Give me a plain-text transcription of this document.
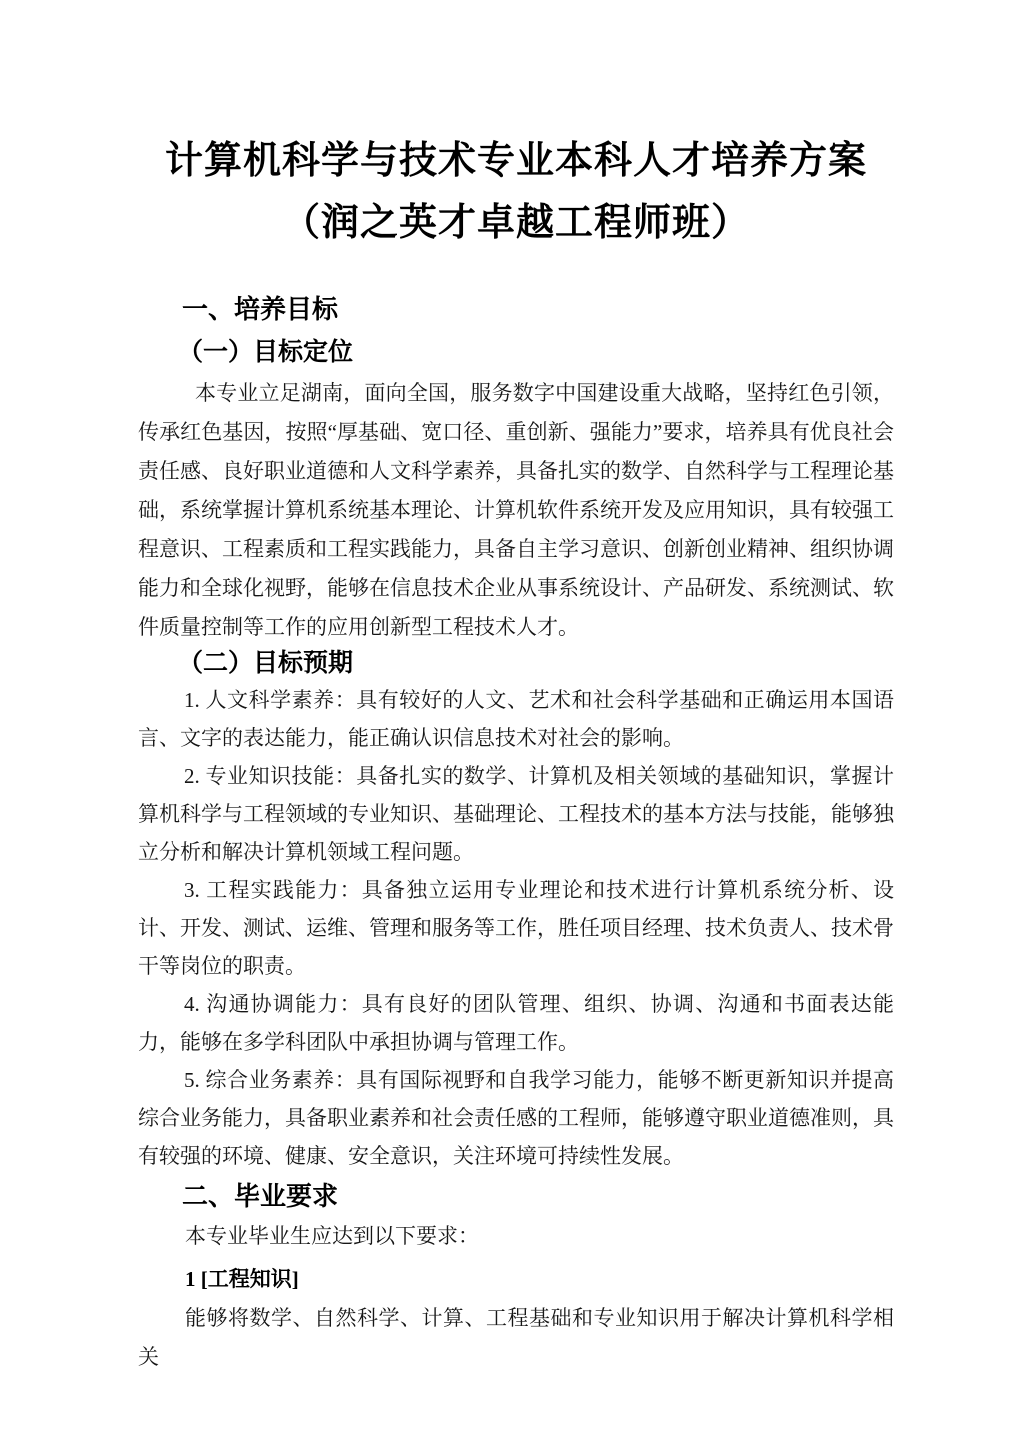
计算机科学与技术专业本科人才培养方案
（润之英才卓越工程师班）
一、培养目标
（一）目标定位

本专业立足湖南，面向全国，服务数字中国建设重大战略，坚持红色引领，传承红色基因，按照“厚基础、宽口径、重创新、强能力”要求，培养具有优良社会责任感、良好职业道德和人文科学素养，具备扎实的数学、自然科学与工程理论基础，系统掌握计算机系统基本理论、计算机软件系统开发及应用知识，具有较强工程意识、工程素质和工程实践能力，具备自主学习意识、创新创业精神、组织协调能力和全球化视野，能够在信息技术企业从事系统设计、产品研发、系统测试、软件质量控制等工作的应用创新型工程技术人才。

（二）目标预期

1. 人文科学素养：具有较好的人文、艺术和社会科学基础和正确运用本国语言、文字的表达能力，能正确认识信息技术对社会的影响。

2. 专业知识技能：具备扎实的数学、计算机及相关领域的基础知识，掌握计算机科学与工程领域的专业知识、基础理论、工程技术的基本方法与技能，能够独立分析和解决计算机领域工程问题。

3. 工程实践能力：具备独立运用专业理论和技术进行计算机系统分析、设计、开发、测试、运维、管理和服务等工作，胜任项目经理、技术负责人、技术骨干等岗位的职责。

4. 沟通协调能力：具有良好的团队管理、组织、协调、沟通和书面表达能力，能够在多学科团队中承担协调与管理工作。

5. 综合业务素养：具有国际视野和自我学习能力，能够不断更新知识并提高综合业务能力，具备职业素养和社会责任感的工程师，能够遵守职业道德准则，具有较强的环境、健康、安全意识，关注环境可持续性发展。

二、毕业要求

本专业毕业生应达到以下要求：

1 [工程知识]

能够将数学、自然科学、计算、工程基础和专业知识用于解决计算机科学相关
